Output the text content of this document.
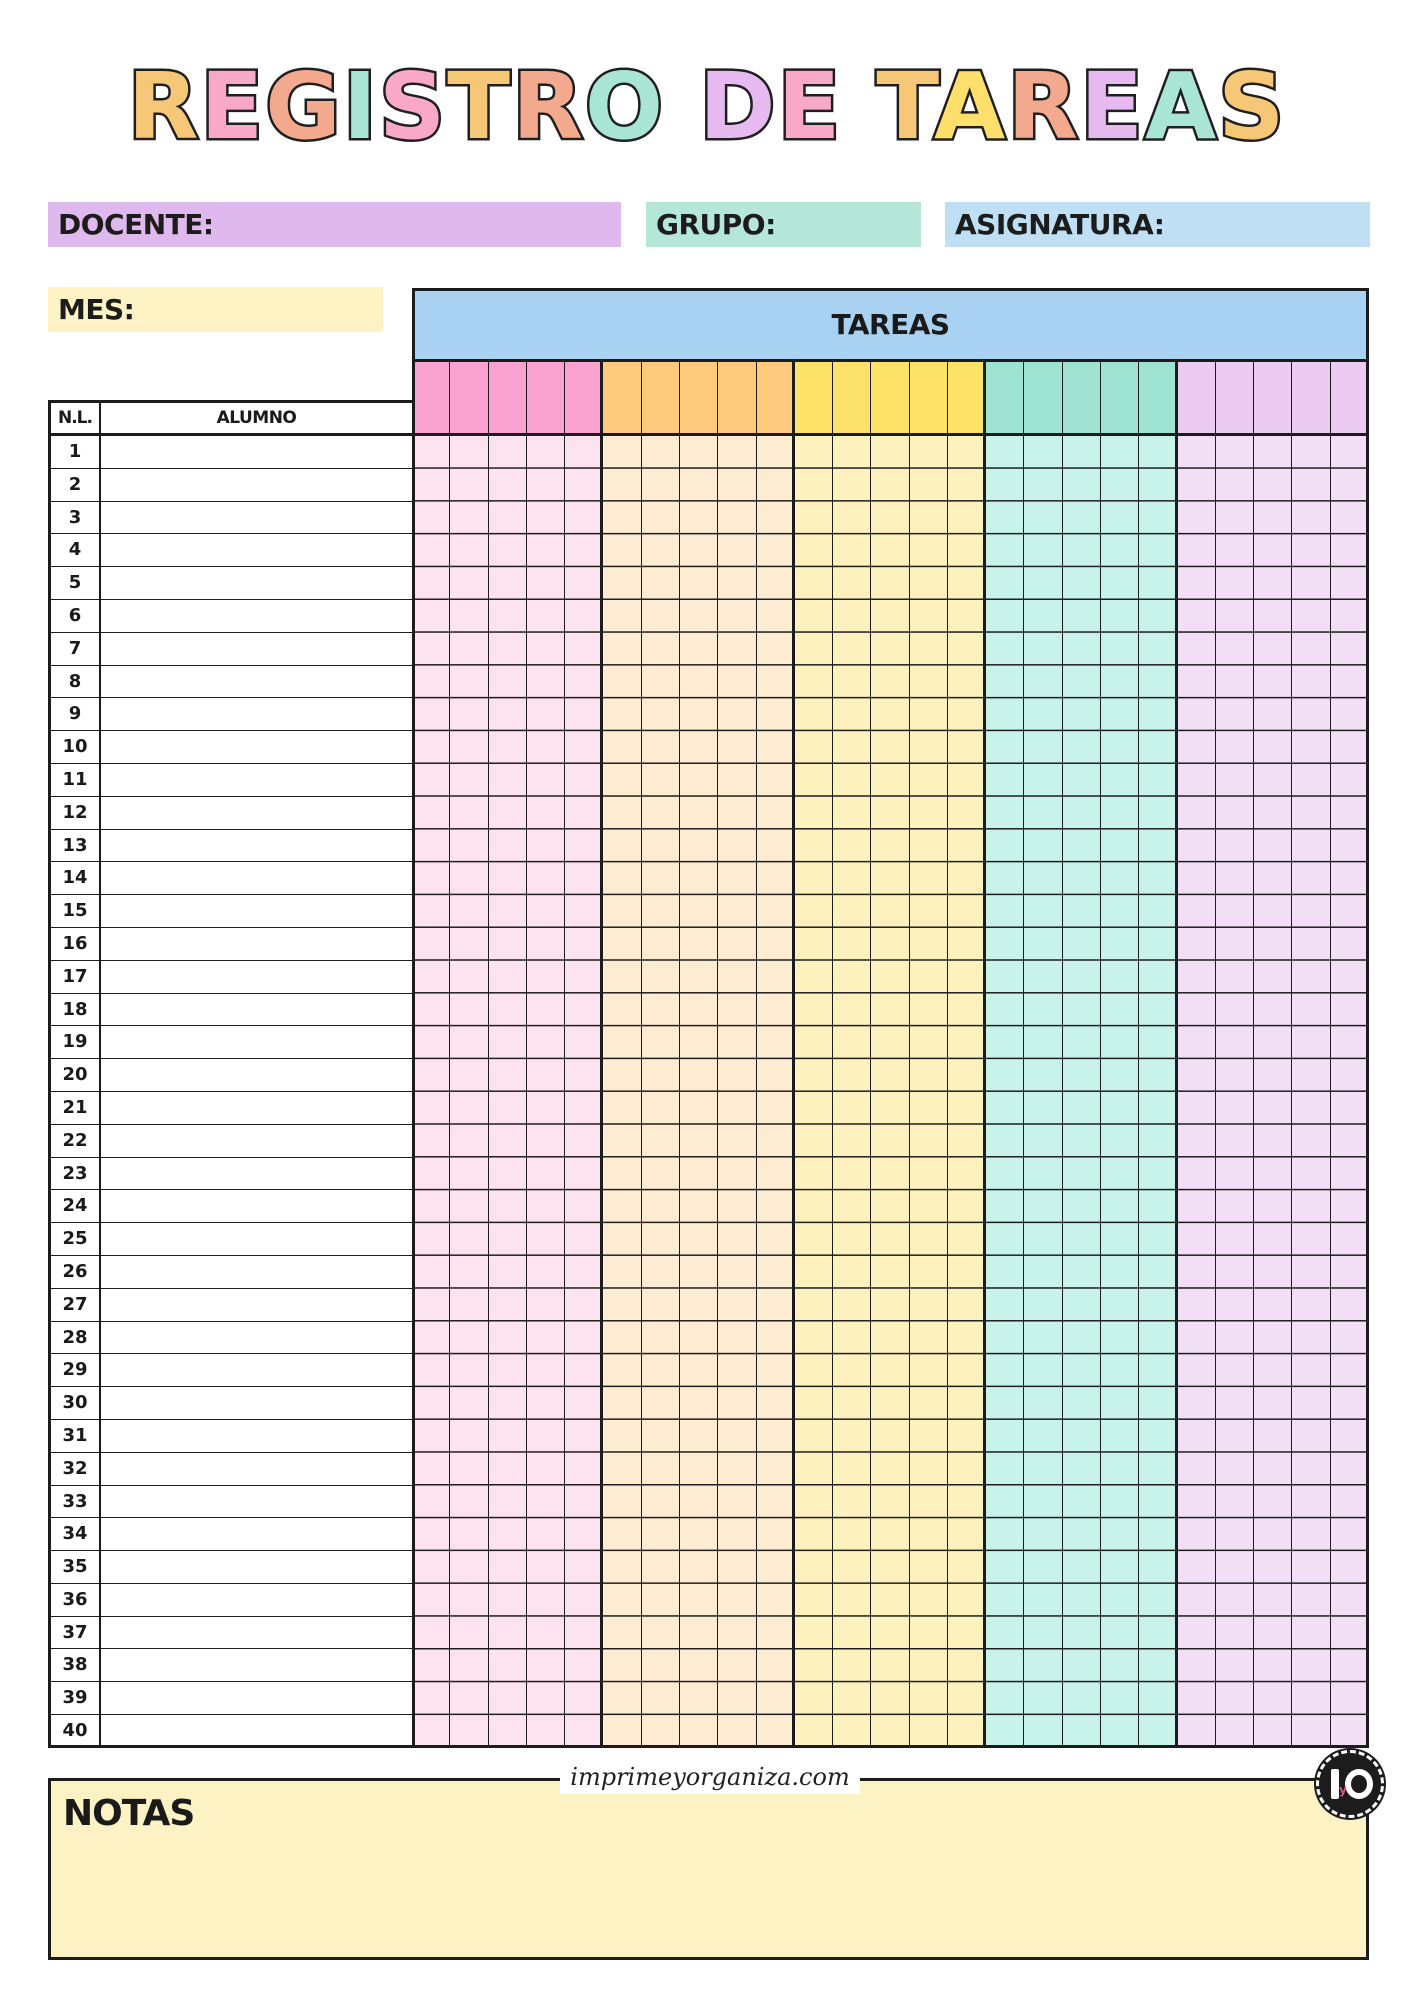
REGISTRO DE TAREAS
DOCENTE:	GRUPO:	ASIGNATURA:
MES:	TAREAS
N.L.	ALUMNO
1
2
3
4
5
6
7
8
9
10
11
12
13
14
15
16
17
18
19
20
21
22
23
24
25
26
27
28
29
30
31
32
33
34
35
36
37
38
39
40
NOTAS
imprimeyorganiza.com	y
